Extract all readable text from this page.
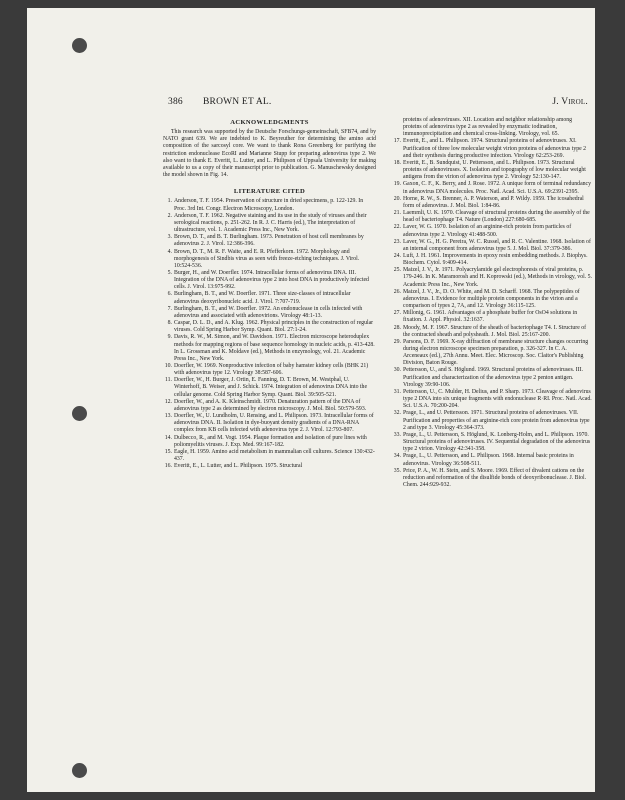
386 BROWN ET AL.	J. Virol.
ACKNOWLEDGMENTS

This research was supported by the Deutsche Forschungs-gemeinschaft, SFB74, and by NATO grant 639. We are indebted to K. Beyreuther for determining the amino acid composition of the sarcosyl core. We want to thank Rona Greenberg for purifying the restriction endonuclease EcoRI and Marianne Stupp for preparing adenovirus type 2. We also want to thank E. Everitt, L. Lutter, and L. Philipson of Uppsala University for making available to us a copy of their manuscript prior to publication. G. Manuschewsky designed the model shown in Fig. 14.

LITERATURE CITED
1. Anderson, T. F. 1954. Preservation of structure in dried specimens, p. 122-129. In Proc. 3rd Int. Congr. Electron Microscopy, London.
2. Anderson, T. F. 1962. Negative staining and its use in the study of viruses and their serological reactions, p. 251-262. In R. J. C. Harris (ed.), The interpretation of ultrastructure, vol. 1. Academic Press Inc., New York.
3. Brown, D. T., and B. T. Burlingham. 1973. Penetration of host cell membranes by adenovirus 2. J. Virol. 12:386-396.
4. Brown, D. T., M. R. F. Waite, and E. R. Pfefferkorn. 1972. Morphology and morphogenesis of Sindbis virus as seen with freeze-etching techniques. J. Virol. 10:524-536.
5. Burger, H., and W. Doerfler. 1974. Intracellular forms of adenovirus DNA. III. Integration of the DNA of adenovirus type 2 into host DNA in productively infected cells. J. Virol. 13:975-992.
6. Burlingham, B. T., and W. Doerfler. 1971. Three size-classes of intracellular adenovirus deoxyribonucleic acid. J. Virol. 7:707-719.
7. Burlingham, B. T., and W. Doerfler. 1972. An endonuclease in cells infected with adenovirus and associated with adenovirions. Virology 48:1-13.
8. Caspar, D. L. D., and A. Klug. 1962. Physical principles in the construction of regular viruses. Cold Spring Harbor Symp. Quant. Biol. 27:1-24.
9. Davis, R. W., M. Simon, and W. Davidson. 1971. Electron microscope heteroduplex methods for mapping regions of base sequence homology in nucleic acids, p. 413-428. In L. Grossman and K. Moldave (ed.), Methods in enzymology, vol. 21. Academic Press Inc., New York.
10. Doerfler, W. 1969. Nonproductive infection of baby hamster kidney cells (BHK 21) with adenovirus type 12. Virology 38:587-606.
11. Doerfler, W., H. Burger, J. Ortin, E. Fanning, D. T. Brown, M. Westphal, U. Winterhoff, B. Weiser, and J. Schick. 1974. Integration of adenovirus DNA into the cellular genome. Cold Spring Harbor Symp. Quant. Biol. 39:505-521.
12. Doerfler, W., and A. K. Kleinschmidt. 1970. Denaturation pattern of the DNA of adenovirus type 2 as determined by electron microscopy. J. Mol. Biol. 50:579-593.
13. Doerfler, W., U. Lundholm, U. Rensing, and L. Philipson. 1973. Intracellular forms of adenovirus DNA. II. Isolation in dye-buoyant density gradients of a DNA-RNA complex from KB cells infected with adenovirus type 2. J. Virol. 12:793-807.
14. Dulbecco, R., and M. Vogt. 1954. Plaque formation and isolation of pure lines with poliomyelitis viruses. J. Exp. Med. 99:167-182.
15. Eagle, H. 1959. Amino acid metabolism in mammalian cell cultures. Science 130:432-437.
16. Everitt, E., L. Lutter, and L. Philipson. 1975. Structural
proteins of adenoviruses. XII. Location and neighbor relationship among proteins of adenovirus type 2 as revealed by enzymatic iodination, immunoprecipitation and chemical cross-linking. Virology, vol. 65.
17. Everitt, E., and L. Philipson. 1974. Structural proteins of adenoviruses. XI. Purification of three low molecular weight virion proteins of adenovirus type 2 and their synthesis during productive infection. Virology 62:253-269.
18. Everitt, E., B. Sundquist, U. Pettersson, and L. Philipson. 1973. Structural proteins of adenoviruses. X. Isolation and topography of low molecular weight antigens from the virion of adenovirus type 2. Virology 52:130-147.
19. Gaxon, C. F., K. Berry, and J. Rose. 1972. A unique form of terminal redundancy in adenovirus DNA molecules. Proc. Natl. Acad. Sci. U.S.A. 69:2391-2395.
20. Horne, R. W., S. Brenner, A. P. Waterson, and P. Wildy. 1959. The icosahedral form of adenovirus. J. Mol. Biol. 1:84-86.
21. Laemmli, U. K. 1970. Cleavage of structural proteins during the assembly of the head of bacteriophage T4. Nature (London) 227:680-685.
22. Laver, W. G. 1970. Isolation of an arginine-rich protein from particles of adenovirus type 2. Virology 41:488-500.
23. Laver, W. G., H. G. Pereira, W. C. Russel, and R. C. Valentine. 1968. Isolation of an internal component from adenovirus type 5. J. Mol. Biol. 37:379-386.
24. Luft, J. H. 1961. Improvements in epoxy resin embedding methods. J. Biophys. Biochem. Cytol. 9:409-414.
25. Maizel, J. V., Jr. 1971. Polyacrylamide gel electrophoresis of viral proteins, p. 179-246. In K. Maramorosh and H. Koprowski (ed.), Methods in virology, vol. 5. Academic Press Inc., New York.
26. Maizel, J. V., Jr., D. O. White, and M. D. Scharff. 1968. The polypeptides of adenovirus. I. Evidence for multiple protein components in the virion and a comparison of types 2, 7A, and 12. Virology 36:115-125.
27. Millonig, G. 1961. Advantages of a phosphate buffer for OsO4 solutions in fixation. J. Appl. Physiol. 32:1637.
28. Moody, M. F. 1967. Structure of the sheath of bacteriophage T4. I. Structure of the contracted sheath and polysheath. J. Mol. Biol. 25:167-200.
29. Parsons, D. F. 1969. X-ray diffraction of membrane structure changes occurring during electron microscope specimen preparation, p. 326-327. In C. A. Arceneaux (ed.), 27th Annu. Meet. Elec. Microscop. Soc. Claitor's Publishing Division, Baton Rouge.
30. Pettersson, U., and S. Höglund. 1969. Structural proteins of adenoviruses. III. Purification and characterization of the adenovirus type 2 penton antigen. Virology 39:90-106.
31. Pettersson, U., C. Mulder, H. Delius, and P. Sharp. 1973. Cleavage of adenovirus type 2 DNA into six unique fragments with endonuclease R·RI. Proc. Natl. Acad. Sci. U.S.A. 70:200-204.
32. Prage, L., and U. Pettersson. 1971. Structural proteins of adenoviruses. VII. Purification and properties of an arginine-rich core protein from adenovirus type 2 and type 3. Virology 45:364-373.
33. Prage, L., U. Pettersson, S. Höglund, K. Lonberg-Holm, and L. Philipson. 1970. Structural proteins of adenoviruses. IV. Sequential degradation of the adenovirus type 2 virion. Virology 42:341-358.
34. Prage, L., U. Pettersson, and L. Philipson. 1968. Internal basic proteins in adenovirus. Virology 36:508-511.
35. Price, P. A., W. H. Stein, and S. Moore. 1969. Effect of divalent cations on the reduction and reformation of the disulfide bonds of deoxyribonuclease. J. Biol. Chem. 244:929-932.
